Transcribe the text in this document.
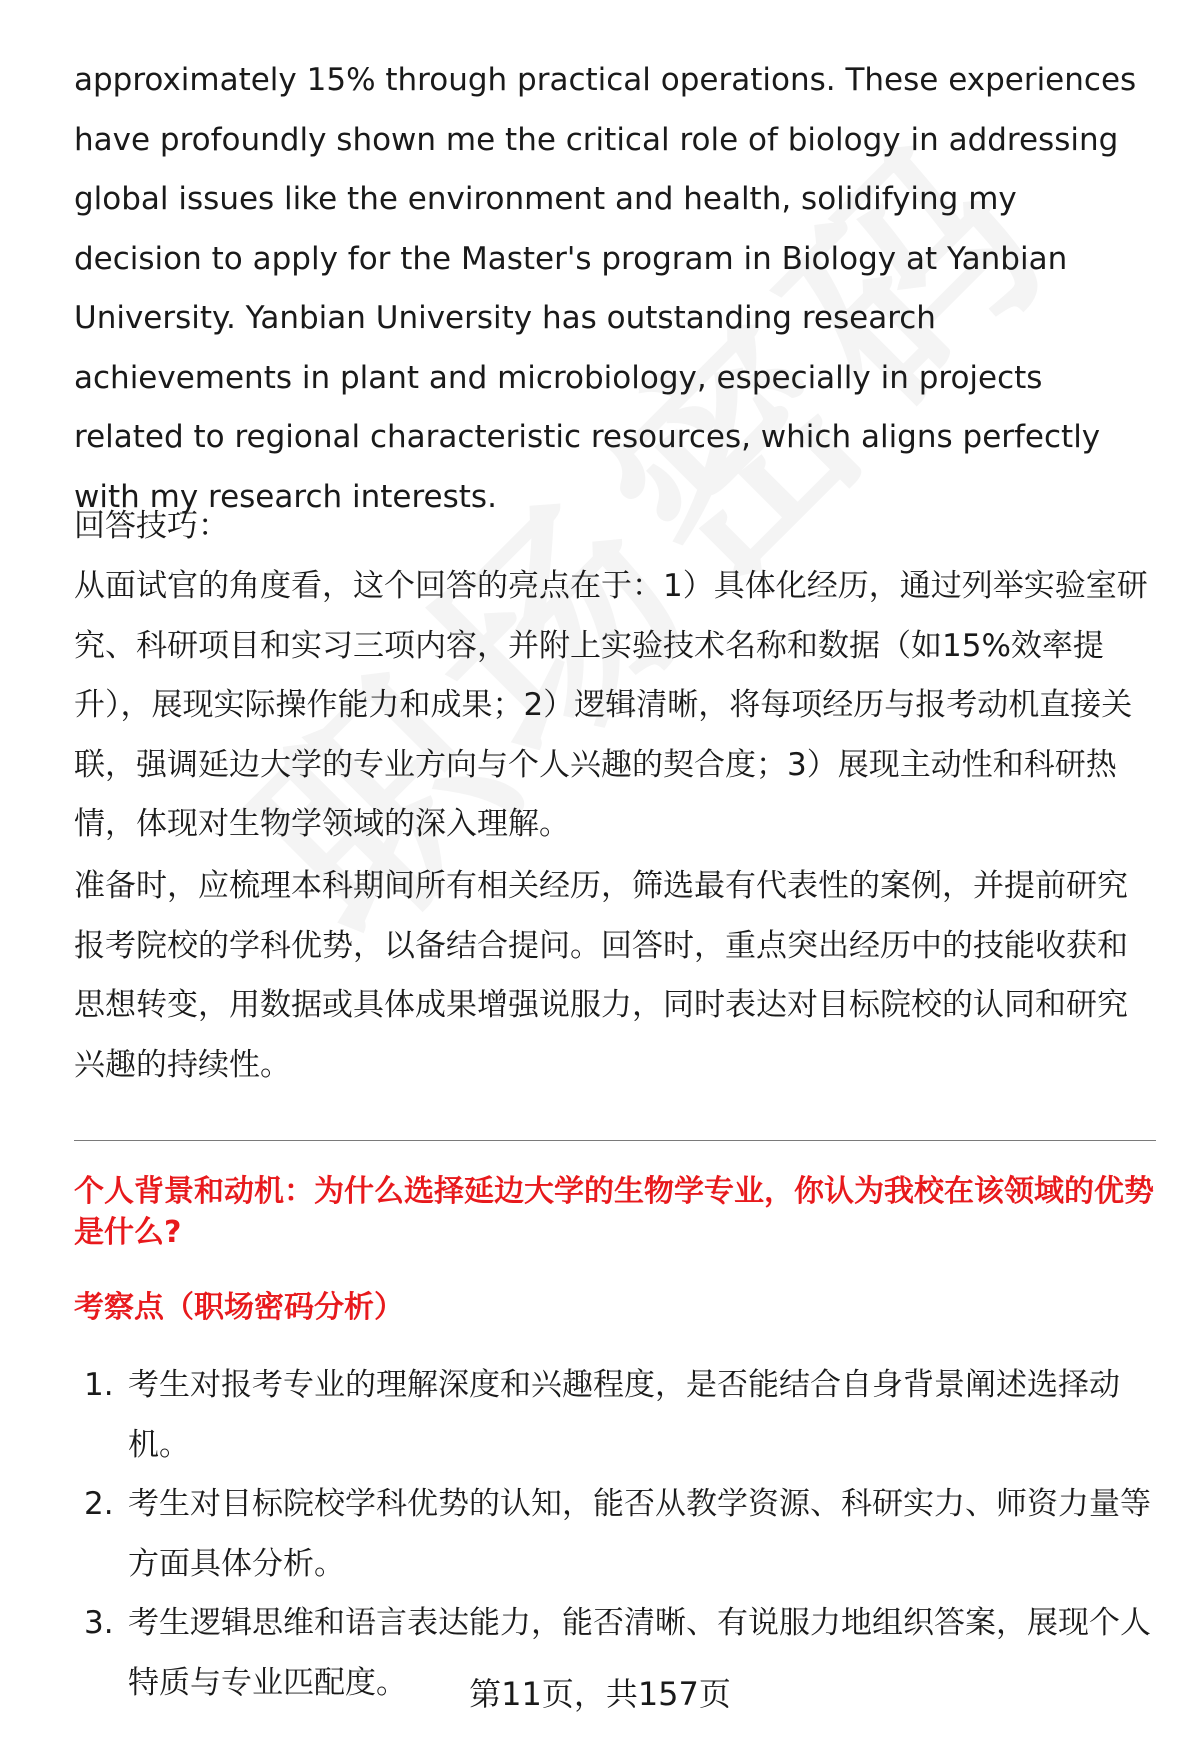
approximately 15% through practical operations. These experiences have profoundly shown me the critical role of biology in addressing global issues like the environment and health, solidifying my decision to apply for the Master's program in Biology at Yanbian University. Yanbian University has outstanding research achievements in plant and microbiology, especially in projects related to regional characteristic resources, which aligns perfectly with my research interests.

回答技巧：

从面试官的角度看，这个回答的亮点在于：1）具体化经历，通过列举实验室研究、科研项目和实习三项内容，并附上实验技术名称和数据（如15%效率提升），展现实际操作能力和成果；2）逻辑清晰，将每项经历与报考动机直接关联，强调延边大学的专业方向与个人兴趣的契合度；3）展现主动性和科研热情，体现对生物学领域的深入理解。

准备时，应梳理本科期间所有相关经历，筛选最有代表性的案例，并提前研究报考院校的学科优势，以备结合提问。回答时，重点突出经历中的技能收获和思想转变，用数据或具体成果增强说服力，同时表达对目标院校的认同和研究兴趣的持续性。

个人背景和动机：为什么选择延边大学的生物学专业，你认为我校在该领域的优势是什么?

考察点（职场密码分析）

1. 考生对报考专业的理解深度和兴趣程度，是否能结合自身背景阐述选择动机。
2. 考生对目标院校学科优势的认知，能否从教学资源、科研实力、师资力量等方面具体分析。
3. 考生逻辑思维和语言表达能力，能否清晰、有说服力地组织答案，展现个人特质与专业匹配度。	第11页，共157页
